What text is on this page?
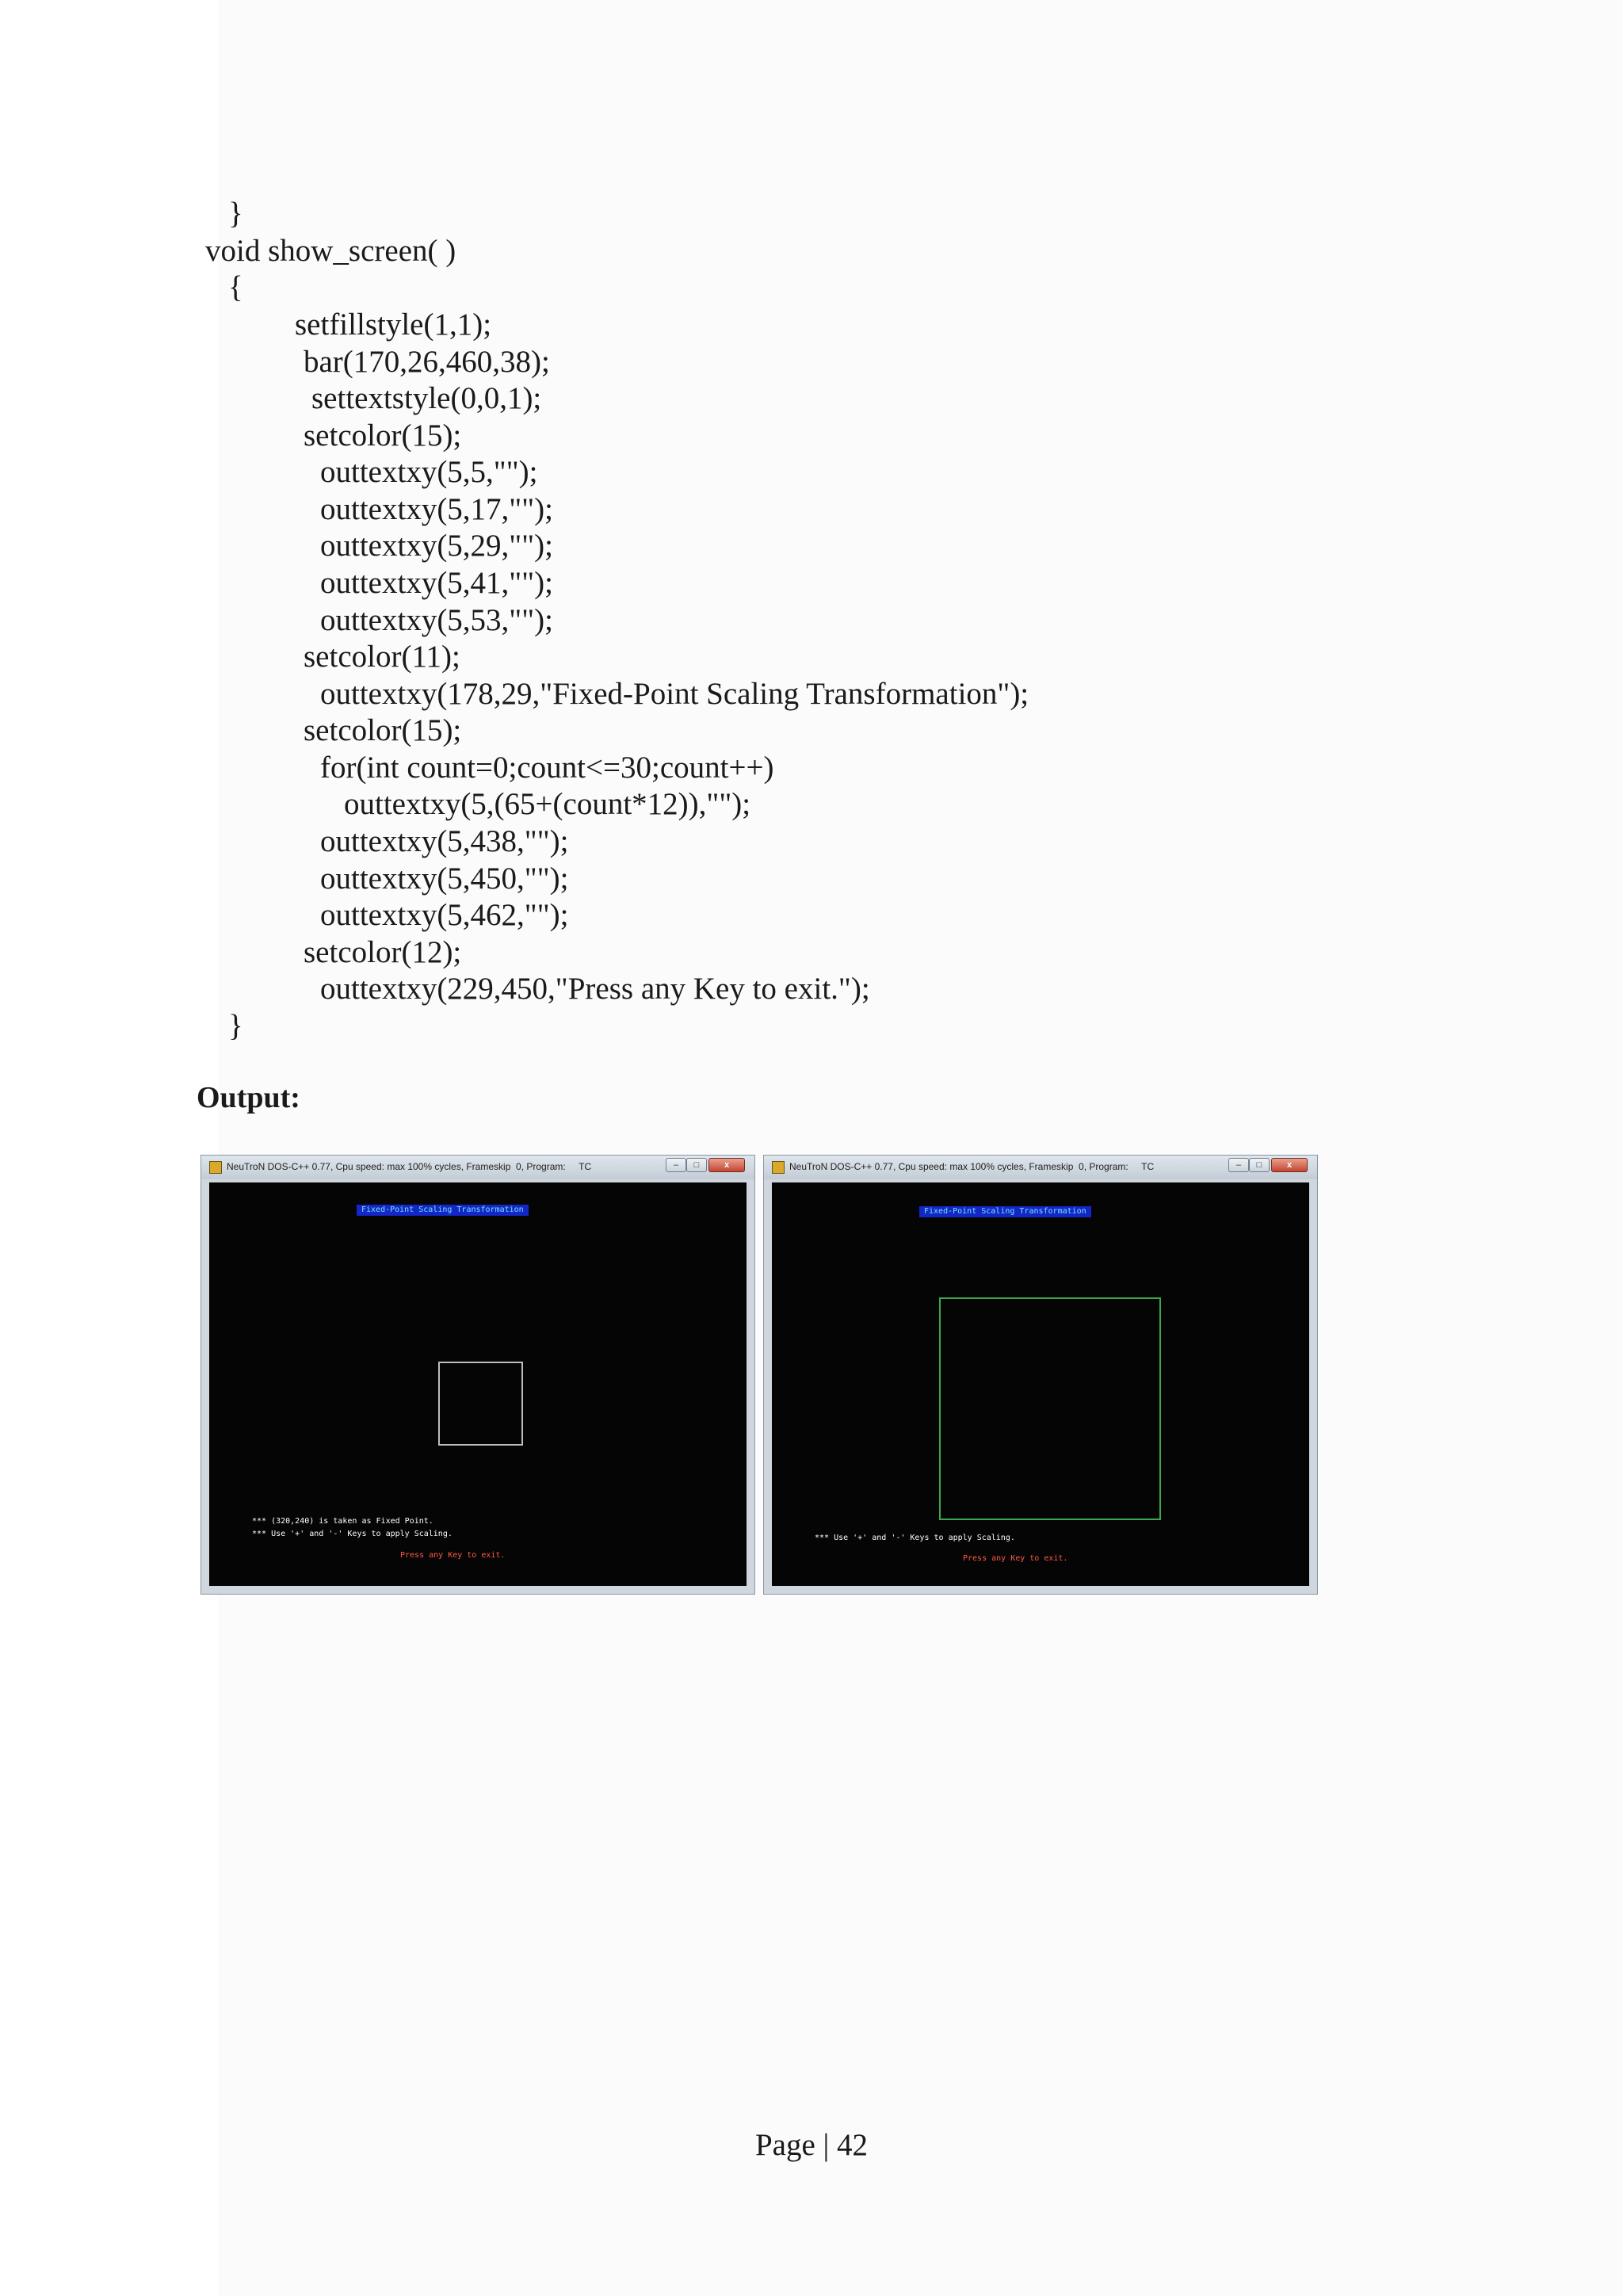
}
void show_screen( )
{
setfillstyle(1,1);
bar(170,26,460,38);
settextstyle(0,0,1);
setcolor(15);
outtextxy(5,5,"");
outtextxy(5,17,"");
outtextxy(5,29,"");
outtextxy(5,41,"");
outtextxy(5,53,"");
setcolor(11);
outtextxy(178,29,"Fixed-Point Scaling Transformation");
setcolor(15);
for(int count=0;count<=30;count++)
outtextxy(5,(65+(count*12)),"");
outtextxy(5,438,"");
outtextxy(5,450,"");
outtextxy(5,462,"");
setcolor(12);
outtextxy(229,450,"Press any Key to exit.");
}
Output:
NeuTroN DOS-C++ 0.77, Cpu speed: max 100% cycles, Frameskip  0, Program:     TC	–	□	x
Fixed-Point Scaling Transformation
*** (320,240) is taken as Fixed Point.
*** Use '+' and '-' Keys to apply Scaling.
Press any Key to exit.
NeuTroN DOS-C++ 0.77, Cpu speed: max 100% cycles, Frameskip  0, Program:     TC	–	□	x
Fixed-Point Scaling Transformation
*** Use '+' and '-' Keys to apply Scaling.
Press any Key to exit.
Page | 42
